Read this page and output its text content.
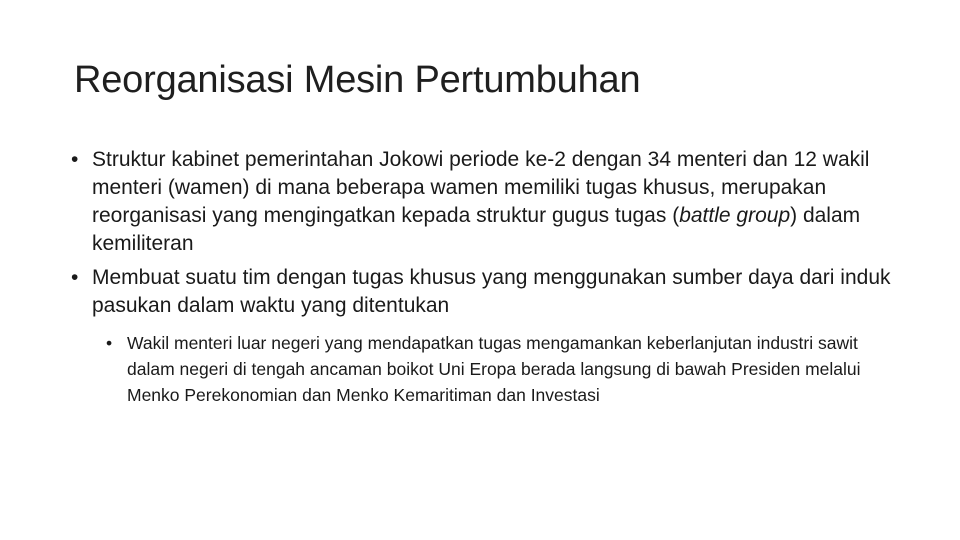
Reorganisasi Mesin Pertumbuhan
• Struktur kabinet pemerintahan Jokowi periode ke-2 dengan 34 menteri dan 12 wakil menteri (wamen) di mana beberapa wamen memiliki tugas khusus, merupakan reorganisasi yang mengingatkan kepada struktur gugus tugas (battle group) dalam kemiliteran
• Membuat suatu tim dengan tugas khusus yang menggunakan sumber daya dari induk pasukan dalam waktu yang ditentukan
• Wakil menteri luar negeri yang mendapatkan tugas mengamankan keberlanjutan industri sawit dalam negeri di tengah ancaman boikot Uni Eropa berada langsung di bawah Presiden melalui Menko Perekonomian dan Menko Kemaritiman dan Investasi
